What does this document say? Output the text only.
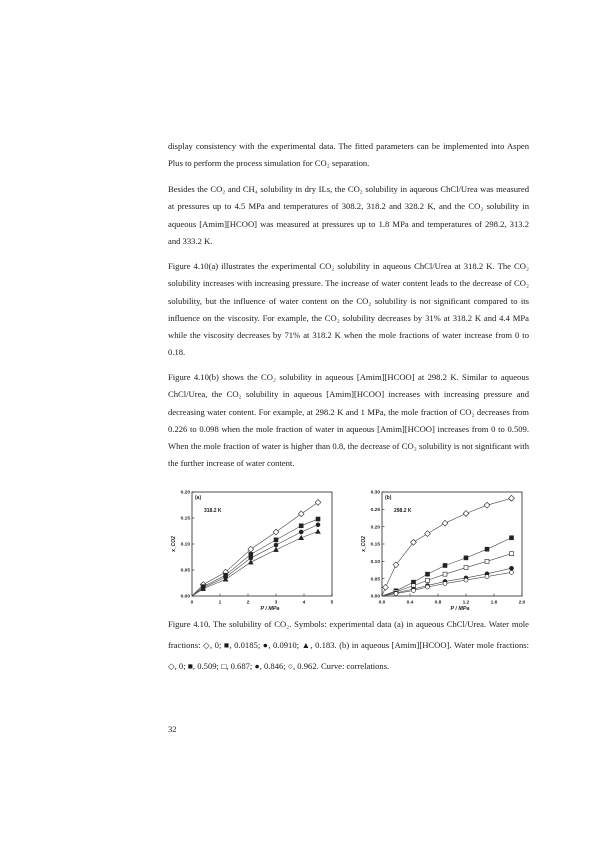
display consistency with the experimental data. The fitted parameters can be implemented into Aspen Plus to perform the process simulation for CO₂ separation.

Besides the CO₂ and CH₄ solubility in dry ILs, the CO₂ solubility in aqueous ChCl/Urea was measured at pressures up to 4.5 MPa and temperatures of 308.2, 318.2 and 328.2 K, and the CO₂ solubility in aqueous [Amim][HCOO] was measured at pressures up to 1.8 MPa and temperatures of 298.2, 313.2 and 333.2 K.

Figure 4.10(a) illustrates the experimental CO₂ solubility in aqueous ChCl/Urea at 318.2 K. The CO₂ solubility increases with increasing pressure. The increase of water content leads to the decrease of CO₂ solubility, but the influence of water content on the CO₂ solubility is not significant compared to its influence on the viscosity. For example, the CO₂ solubility decreases by 31% at 318.2 K and 4.4 MPa while the viscosity decreases by 71% at 318.2 K when the mole fractions of water increase from 0 to 0.18.

Figure 4.10(b) shows the CO₂ solubility in aqueous [Amim][HCOO] at 298.2 K. Similar to aqueous ChCl/Urea, the CO₂ solubility in aqueous [Amim][HCOO] increases with increasing pressure and decreasing water content. For example, at 298.2 K and 1 MPa, the mole fraction of CO₂ decreases from 0.226 to 0.098 when the mole fraction of water in aqueous [Amim][HCOO] increases from 0 to 0.509. When the mole fraction of water is higher than 0.8, the decrease of CO₂ solubility is not significant with the further increase of water content.

0	1	2	3	4	5
0.00
0.05
0.10
0.15
0.20
P / MPa
x_CO2
(a)
318.2 K
0.0	0.4	0.8	1.2	1.6	2.0
0.00
0.05
0.10
0.15
0.20
0.25
0.30
P / MPa
x_CO2
(b)
298.2 K
Figure 4.10. The solubility of CO₂. Symbols: experimental data (a) in aqueous ChCl/Urea. Water mole fractions: ◇, 0; ■, 0.0185; ●, 0.0910; ▲, 0.183. (b) in aqueous [Amim][HCOO]. Water mole fractions: ◇, 0; ■, 0.509; □, 0.687; ●, 0.846; ○, 0.962. Curve: correlations.
32
